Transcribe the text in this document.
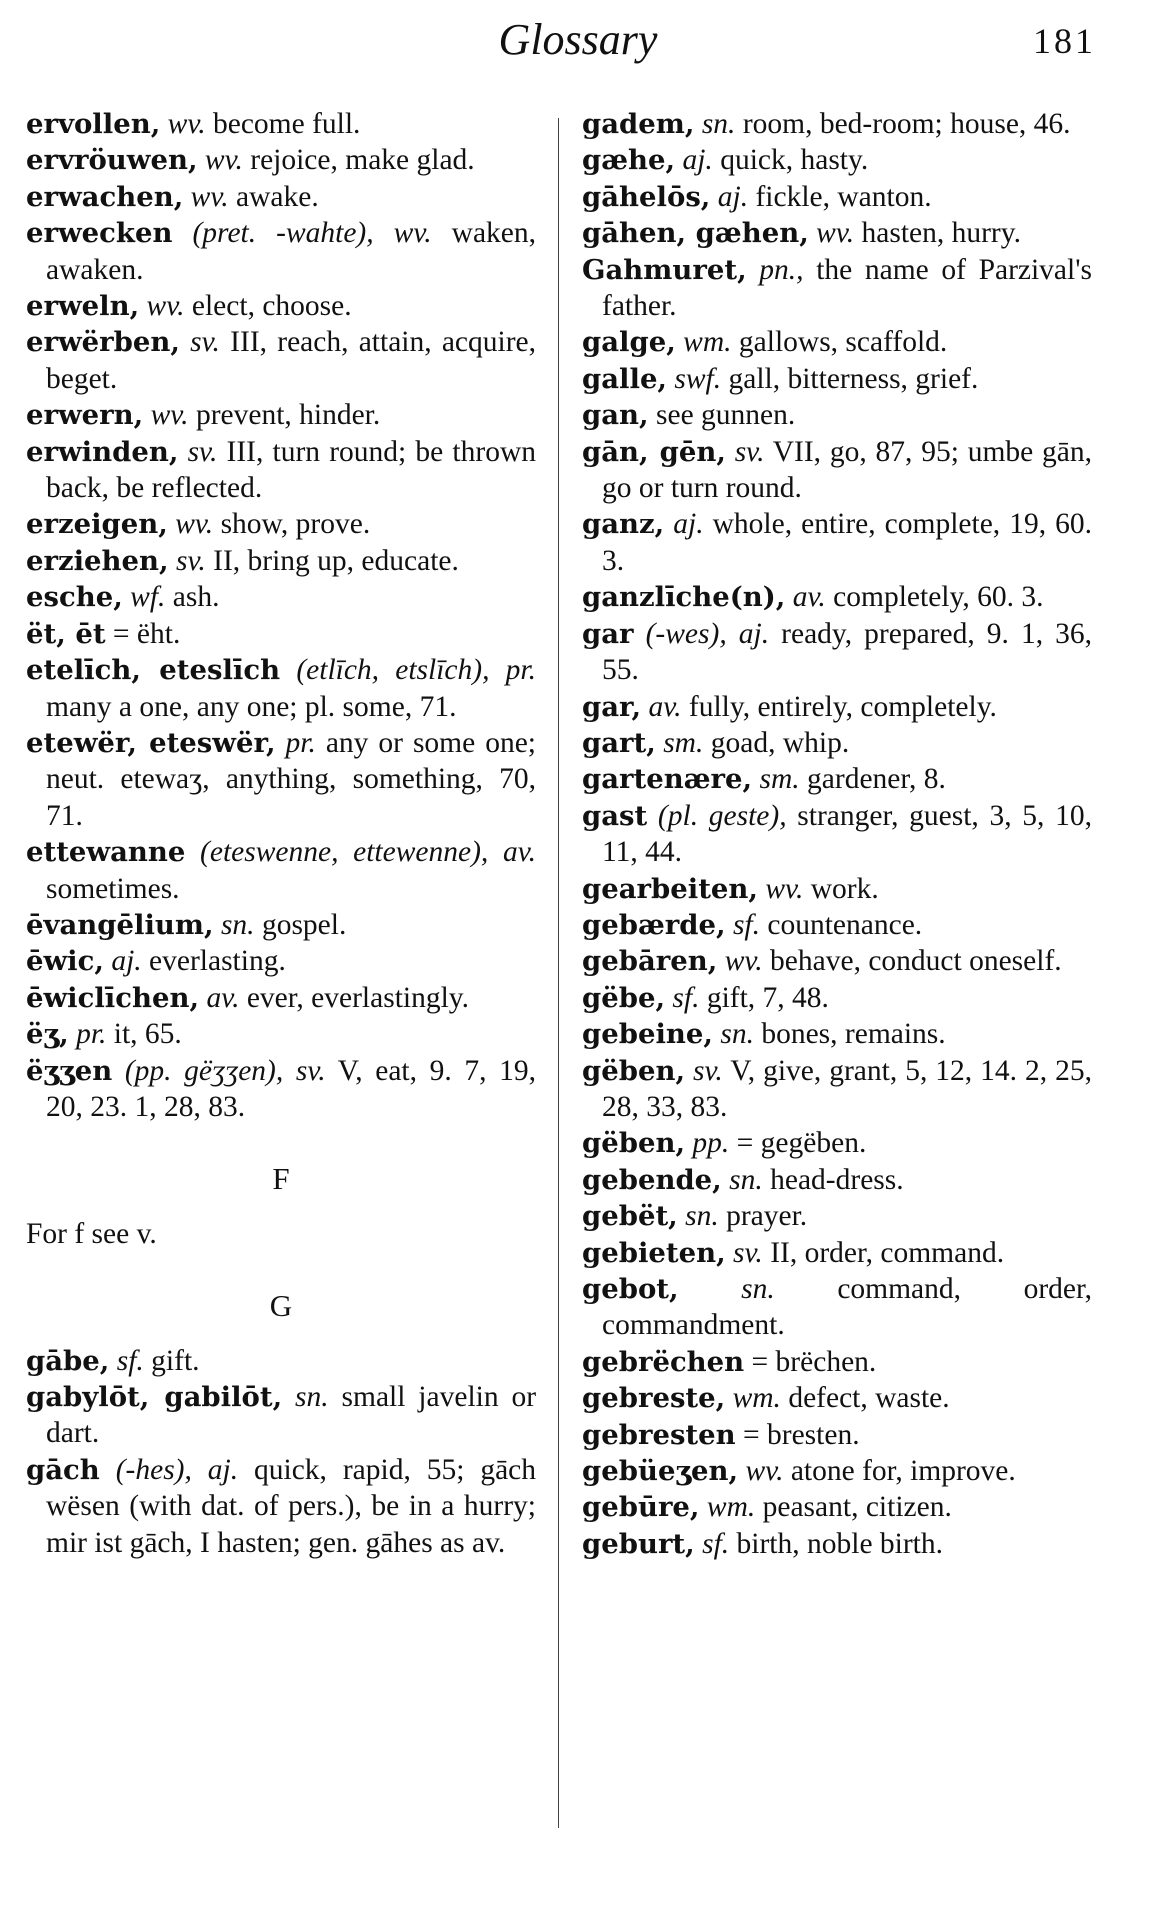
Glossary	181
ervollen, wv. become full.
ervröuwen, wv. rejoice, make glad.
erwachen, wv. awake.
erwecken (pret. -wahte), wv. waken, awaken.
erweln, wv. elect, choose.
erwërben, sv. III, reach, attain, acquire, beget.
erwern, wv. prevent, hinder.
erwinden, sv. III, turn round; be thrown back, be reflected.
erzeigen, wv. show, prove.
erziehen, sv. II, bring up, educate.
esche, wf. ash.
ët, ēt = ëht.
etelīch, eteslīch (etlīch, etslīch), pr. many a one, any one; pl. some, 71.
etewër, eteswër, pr. any or some one; neut. etewaʒ, anything, something, 70, 71.
ettewanne (eteswenne, ettewenne), av. sometimes.
ēvangēlium, sn. gospel.
ēwic, aj. everlasting.
ēwiclīchen, av. ever, everlastingly.
ëʒ, pr. it, 65.
ëʒʒen (pp. gëʒʒen), sv. V, eat, 9. 7, 19, 20, 23. 1, 28, 83.
F
For f see v.
G
gābe, sf. gift.
gabylōt, gabilōt, sn. small javelin or dart.
gāch (-hes), aj. quick, rapid, 55; gāch wësen (with dat. of pers.), be in a hurry; mir ist gāch, I hasten; gen. gāhes as av.
gadem, sn. room, bed-room; house, 46.
gæhe, aj. quick, hasty.
gāhelōs, aj. fickle, wanton.
gāhen, gæhen, wv. hasten, hurry.
Gahmuret, pn., the name of Parzival's father.
galge, wm. gallows, scaffold.
galle, swf. gall, bitterness, grief.
gan, see gunnen.
gān, gēn, sv. VII, go, 87, 95; umbe gān, go or turn round.
ganz, aj. whole, entire, complete, 19, 60. 3.
ganzlīche(n), av. completely, 60. 3.
gar (-wes), aj. ready, prepared, 9. 1, 36, 55.
gar, av. fully, entirely, completely.
gart, sm. goad, whip.
gartenære, sm. gardener, 8.
gast (pl. geste), stranger, guest, 3, 5, 10, 11, 44.
gearbeiten, wv. work.
gebærde, sf. countenance.
gebāren, wv. behave, conduct oneself.
gëbe, sf. gift, 7, 48.
gebeine, sn. bones, remains.
gëben, sv. V, give, grant, 5, 12, 14. 2, 25, 28, 33, 83.
gëben, pp. = gegëben.
gebende, sn. head-dress.
gebët, sn. prayer.
gebieten, sv. II, order, command.
gebot, sn. command, order, commandment.
gebrëchen = brëchen.
gebreste, wm. defect, waste.
gebresten = bresten.
gebüeʒen, wv. atone for, improve.
gebūre, wm. peasant, citizen.
geburt, sf. birth, noble birth.
